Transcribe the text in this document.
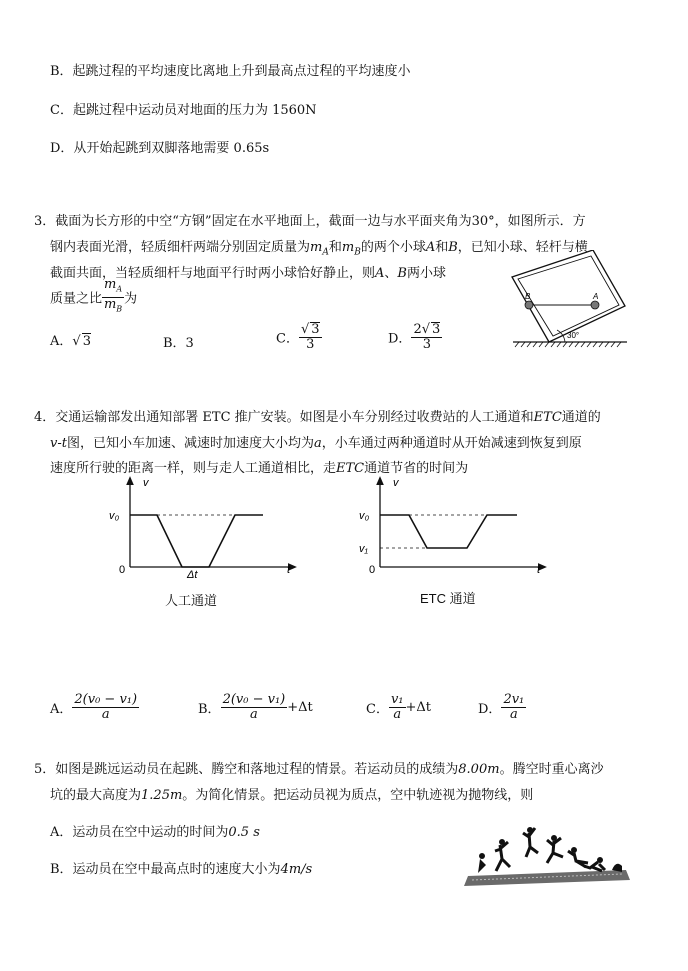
B．起跳过程的平均速度比离地上升到最高点过程的平均速度小
C．起跳过程中运动员对地面的压力为 1560N
D．从开始起跳到双脚落地需要 0.65s
3．截面为长方形的中空“方钢”固定在水平地面上，截面一边与水平面夹角为30°，如图所示．方
钢内表面光滑，轻质细杆两端分别固定质量为$m_A$和$m_B$的两个小球A和B，已知小球、轻杆与横
截面共面，当轻质细杆与地面平行时两小球恰好静止，则A、B两小球
质量之比 $\frac{m_A}{m_B}$ 为
A．√ 3	B．3	C． $\frac{√ 3}{3}$	D． $\frac{2√ 3}{3}$
B	A
30°
4．交通运输部发出通知部署 ETC 推广安装。如图是小车分别经过收费站的人工通道和ETC通道的
v-t图，已知小车加速、减速时加速度大小均为a，小车通过两种通道时从开始减速到恢复到原
速度所行驶的距离一样，则与走人工通道相比，走ETC通道节省的时间为
v
v₀
0	Δt	t
人工通道
v
v₀
v₁
0	t
ETC 通道
A． $\frac{\text{2(v₀ − v₁)}}{a}$	B． $\frac{\text{2(v₀ − v₁)}}{a} +\Delta t$	C． $\frac{\text{v₁}}{a} +\Delta t$	D． $\frac{\text{2v₁}}{a}$
5．如图是跳远运动员在起跳、腾空和落地过程的情景。若运动员的成绩为8.00m。腾空时重心离沙
坑的最大高度为1.25m。为简化情景。把运动员视为质点，空中轨迹视为抛物线，则
A．运动员在空中运动的时间为0.5 s
B．运动员在空中最高点时的速度大小为4m/s
